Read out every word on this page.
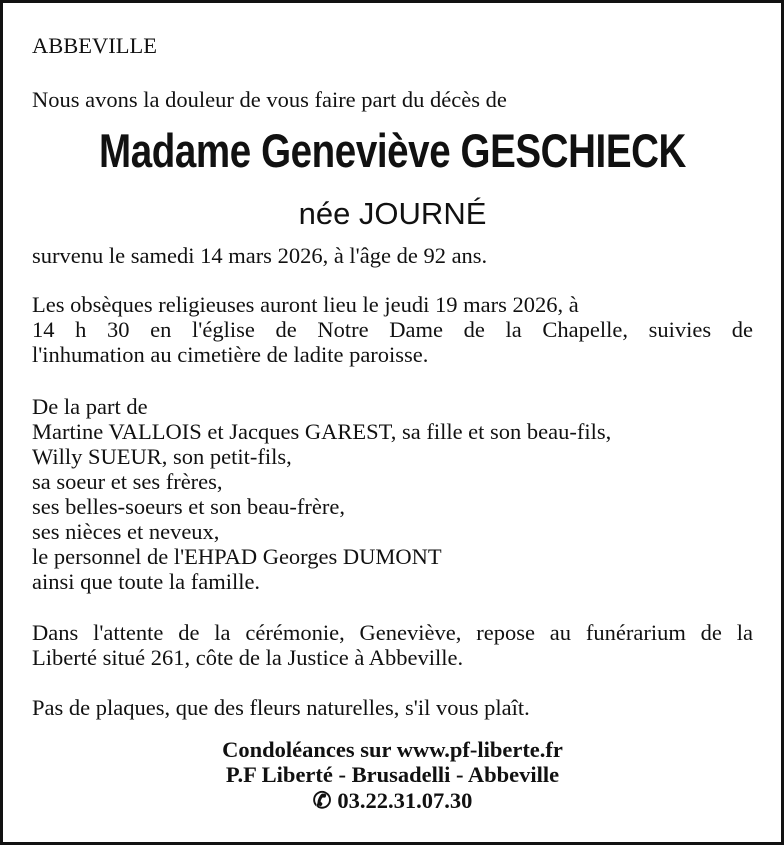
ABBEVILLE
Nous avons la douleur de vous faire part du décès de
Madame Geneviève GESCHIECK
née JOURNÉ
survenu le samedi 14 mars 2026, à l'âge de 92 ans.
Les obsèques religieuses auront lieu le jeudi 19 mars 2026, à
14 h 30 en l'église de Notre Dame de la Chapelle, suivies de
l'inhumation au cimetière de ladite paroisse.
De la part de
Martine VALLOIS et Jacques GAREST, sa fille et son beau-fils,
Willy SUEUR, son petit-fils,
sa soeur et ses frères,
ses belles-soeurs et son beau-frère,
ses nièces et neveux,
le personnel de l'EHPAD Georges DUMONT
ainsi que toute la famille.
Dans l'attente de la cérémonie, Geneviève, repose au funérarium de la
Liberté situé 261, côte de la Justice à Abbeville.
Pas de plaques, que des fleurs naturelles, s'il vous plaît.
Condoléances sur www.pf-liberte.fr
P.F Liberté - Brusadelli - Abbeville
✆ 03.22.31.07.30
